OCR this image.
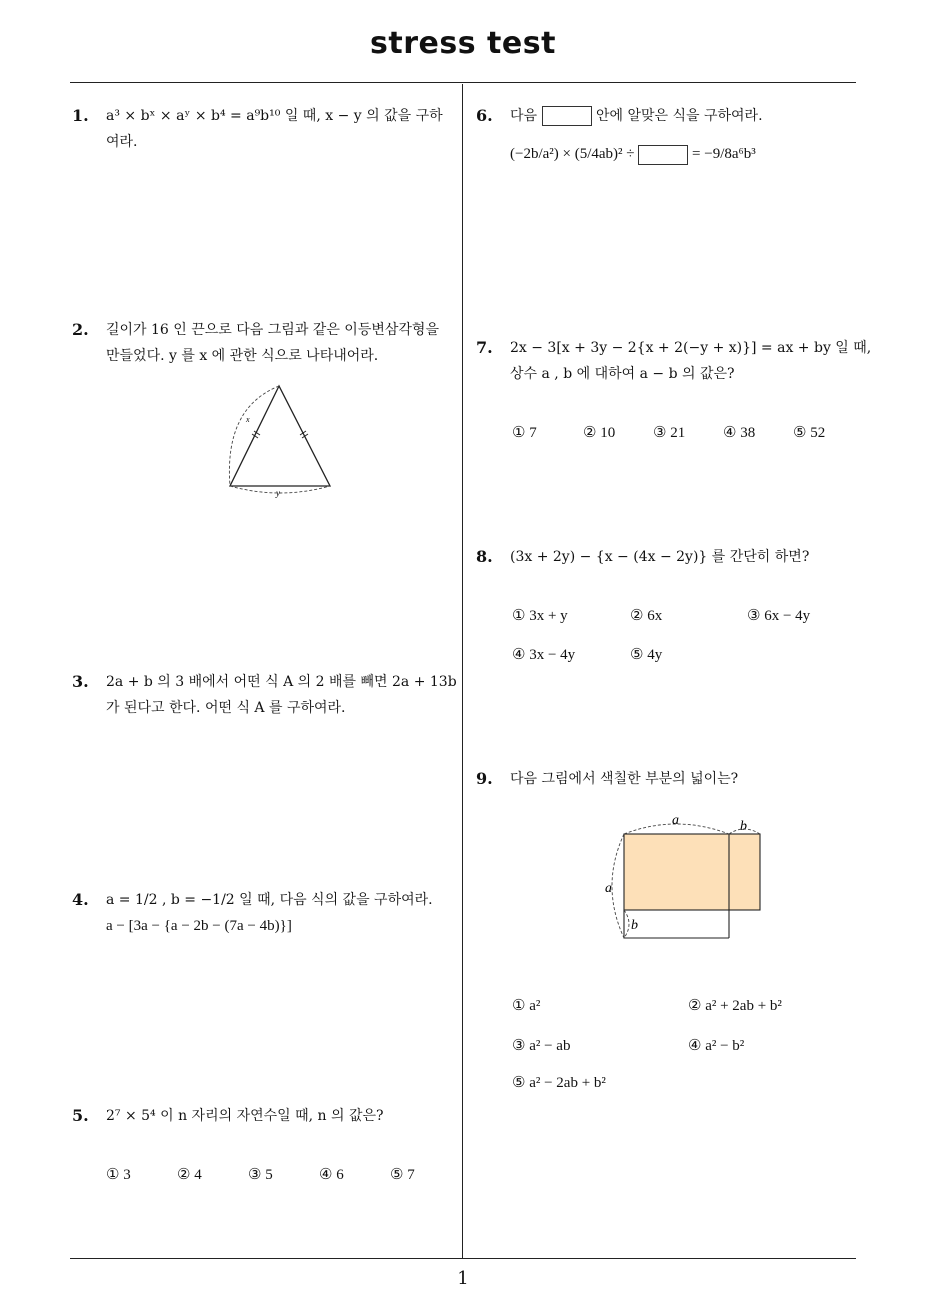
stress test
1
1. a³ × bˣ × aʸ × b⁴ = a⁹b¹⁰ 일 때, x − y 의 값을 구하
여라.
2. 길이가 16 인 끈으로 다음 그림과 같은 이등변삼각형을
만들었다. y 를 x 에 관한 식으로 나타내어라.
x
y
3. 2a + b 의 3 배에서 어떤 식 A 의 2 배를 빼면 2a + 13b
가 된다고 한다. 어떤 식 A 를 구하여라.
4. a = 1/2 , b = −1/2 일 때, 다음 식의 값을 구하여라.
a − [3a − {a − 2b − (7a − 4b)}]
5. 2⁷ × 5⁴ 이 n 자리의 자연수일 때, n 의 값은?
① 3	② 4	③ 5	④ 6	⑤ 7
6. 다음	안에 알맞은 식을 구하여라.
(−2b/a²) × (5/4ab)² ÷	= −9/8a⁶b³
7. 2x − 3[x + 3y − 2{x + 2(−y + x)}] = ax + by 일 때,
상수 a , b 에 대하여 a − b 의 값은?
① 7	② 10	③ 21	④ 38	⑤ 52
8. (3x + 2y) − {x − (4x − 2y)} 를 간단히 하면?
① 3x + y	② 6x	③ 6x − 4y
④ 3x − 4y	⑤ 4y
9. 다음 그림에서 색칠한 부분의 넓이는?
a	b
a
b
① a²	② a² + 2ab + b²
③ a² − ab	④ a² − b²
⑤ a² − 2ab + b²
